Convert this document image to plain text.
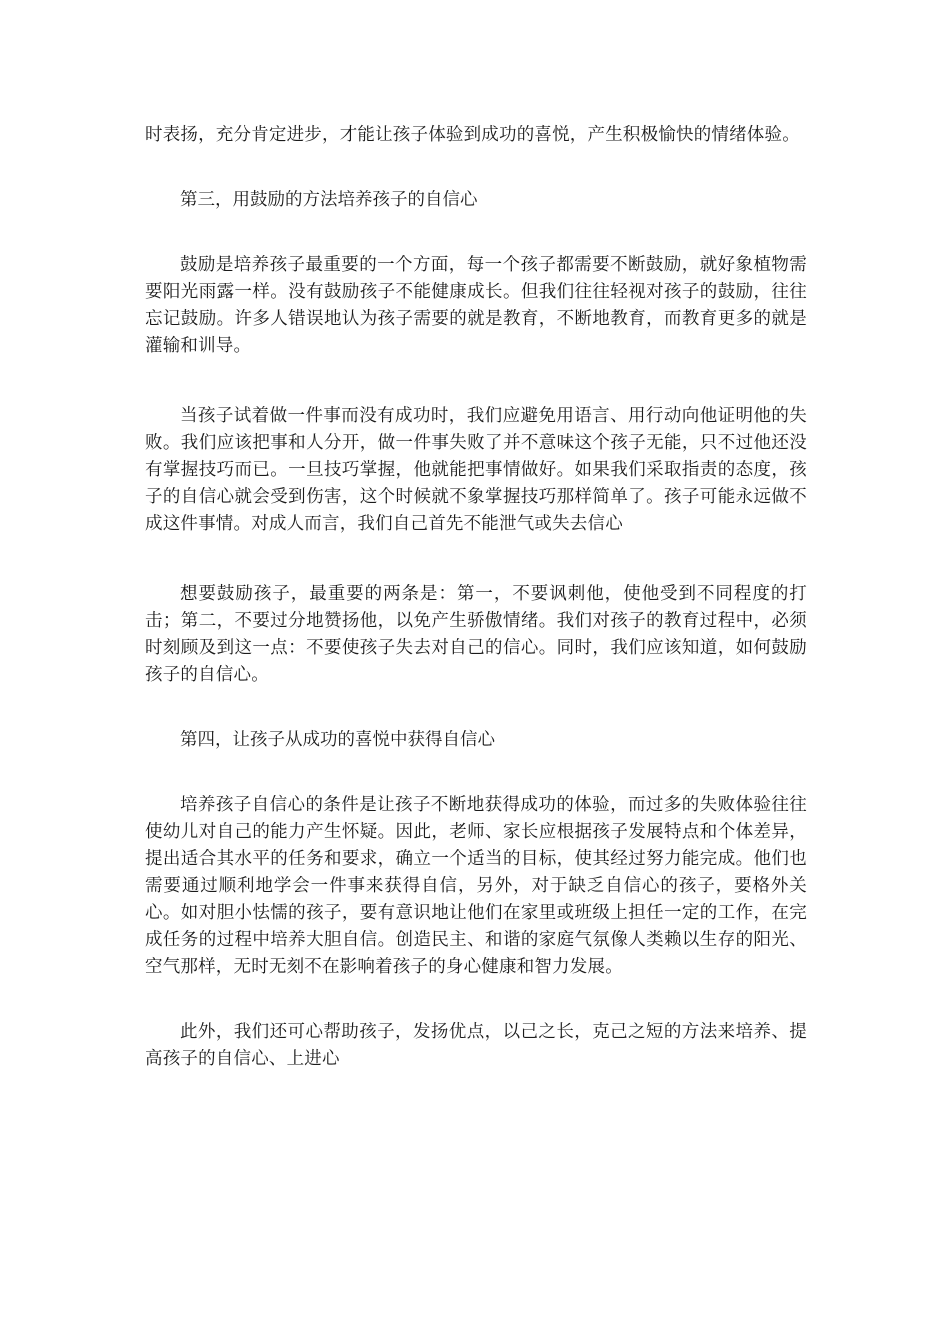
时表扬，充分肯定进步，才能让孩子体验到成功的喜悦，产生积极愉快的情绪体验。

第三，用鼓励的方法培养孩子的自信心

鼓励是培养孩子最重要的一个方面，每一个孩子都需要不断鼓励，就好象植物需要阳光雨露一样。没有鼓励孩子不能健康成长。但我们往往轻视对孩子的鼓励，往往忘记鼓励。许多人错误地认为孩子需要的就是教育，不断地教育，而教育更多的就是灌输和训导。

当孩子试着做一件事而没有成功时，我们应避免用语言、用行动向他证明他的失败。我们应该把事和人分开，做一件事失败了并不意味这个孩子无能，只不过他还没有掌握技巧而已。一旦技巧掌握，他就能把事情做好。如果我们采取指责的态度，孩子的自信心就会受到伤害，这个时候就不象掌握技巧那样简单了。孩子可能永远做不成这件事情。对成人而言，我们自己首先不能泄气或失去信心

想要鼓励孩子，最重要的两条是：第一，不要讽刺他，使他受到不同程度的打击；第二，不要过分地赞扬他，以免产生骄傲情绪。我们对孩子的教育过程中，必须时刻顾及到这一点：不要使孩子失去对自己的信心。同时，我们应该知道，如何鼓励孩子的自信心。

第四，让孩子从成功的喜悦中获得自信心

培养孩子自信心的条件是让孩子不断地获得成功的体验，而过多的失败体验往往使幼儿对自己的能力产生怀疑。因此，老师、家长应根据孩子发展特点和个体差异，提出适合其水平的任务和要求，确立一个适当的目标，使其经过努力能完成。他们也需要通过顺利地学会一件事来获得自信，另外，对于缺乏自信心的孩子，要格外关心。如对胆小怯懦的孩子，要有意识地让他们在家里或班级上担任一定的工作，在完成任务的过程中培养大胆自信。创造民主、和谐的家庭气氛像人类赖以生存的阳光、空气那样，无时无刻不在影响着孩子的身心健康和智力发展。

此外，我们还可心帮助孩子，发扬优点，以己之长，克己之短的方法来培养、提高孩子的自信心、上进心
